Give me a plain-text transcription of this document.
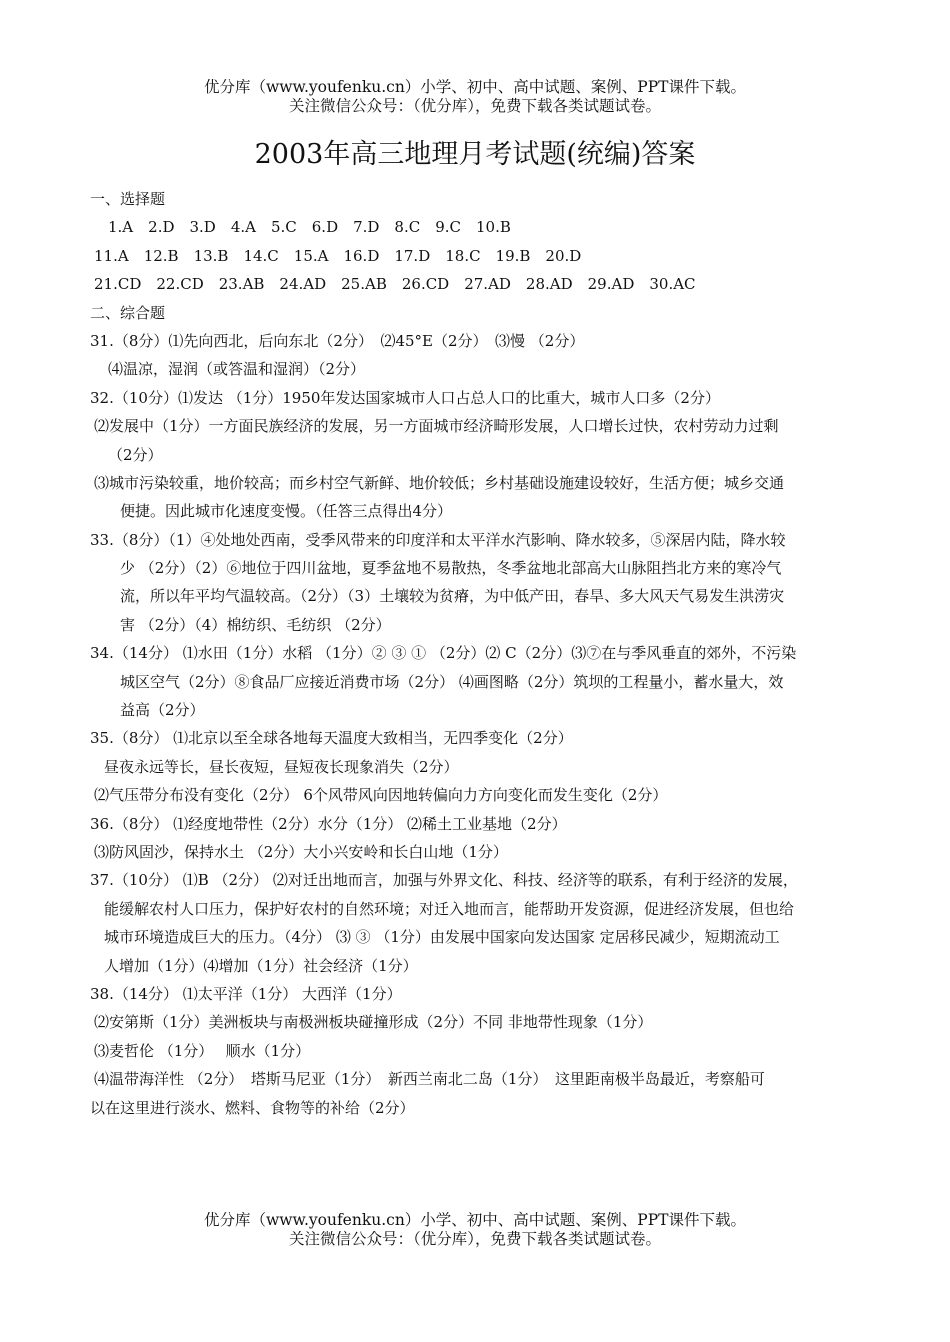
优分库（www.youfenku.cn）小学、初中、高中试题、案例、PPT课件下载。
关注微信公众号：（优分库），免费下载各类试题试卷。
2003年高三地理月考试题(统编)答案
一、选择题
1.A　2.D　3.D　4.A　5.C　6.D　7.D　8.C　9.C　10.B
11.A　12.B　13.B　14.C　15.A　16.D　17.D　18.C　19.B　20.D
21.CD　22.CD　23.AB　24.AD　25.AB　26.CD　27.AD　28.AD　29.AD　30.AC
二、综合题
31.（8分）⑴先向西北，后向东北（2分）　⑵45°E（2分）　⑶慢 （2分）
⑷温凉，湿润（或答温和湿润）（2分）
32.（10分）⑴发达 （1分）1950年发达国家城市人口占总人口的比重大，城市人口多（2分）
⑵发展中（1分）一方面民族经济的发展，另一方面城市经济畸形发展，人口增长过快，农村劳动力过剩
（2分）
⑶城市污染较重，地价较高；而乡村空气新鲜、地价较低；乡村基础设施建设较好，生活方便；城乡交通
便捷。因此城市化速度变慢。（任答三点得出4分）
33.（8分）（1）④处地处西南，受季风带来的印度洋和太平洋水汽影响、降水较多，⑤深居内陆，降水较
少 （2分）（2）⑥地位于四川盆地，夏季盆地不易散热，冬季盆地北部高大山脉阻挡北方来的寒冷气
流，所以年平均气温较高。（2分）（3）土壤较为贫瘠，为中低产田，春旱、多大风天气易发生洪涝灾
害 （2分）（4）棉纺织、毛纺织 （2分）
34.（14分） ⑴水田（1分）水稻 （1分）② ③ ① （2分）⑵ C（2分）⑶⑦在与季风垂直的郊外，不污染
城区空气（2分）⑧食品厂应接近消费市场（2分） ⑷画图略（2分）筑坝的工程量小，蓄水量大，效
益高（2分）
35.（8分） ⑴北京以至全球各地每天温度大致相当，无四季变化（2分）
昼夜永远等长，昼长夜短，昼短夜长现象消失（2分）
⑵气压带分布没有变化（2分） 6个风带风向因地转偏向力方向变化而发生变化（2分）
36.（8分） ⑴经度地带性（2分）水分（1分） ⑵稀土工业基地（2分）
⑶防风固沙，保持水土 （2分）大小兴安岭和长白山地（1分）
37.（10分） ⑴B （2分） ⑵对迁出地而言，加强与外界文化、科技、经济等的联系，有利于经济的发展，
能缓解农村人口压力，保护好农村的自然环境；对迁入地而言，能帮助开发资源，促进经济发展，但也给
城市环境造成巨大的压力。（4分） ⑶ ③ （1分）由发展中国家向发达国家 定居移民减少，短期流动工
人增加（1分）⑷增加（1分）社会经济（1分）
38.（14分） ⑴太平洋（1分） 大西洋（1分）
⑵安第斯（1分）美洲板块与南极洲板块碰撞形成（2分）不同 非地带性现象（1分）
⑶麦哲伦 （1分）　 顺水（1分）
⑷温带海洋性 （2分）　塔斯马尼亚（1分）　新西兰南北二岛（1分）　这里距南极半岛最近，考察船可
以在这里进行淡水、燃料、食物等的补给（2分）
优分库（www.youfenku.cn）小学、初中、高中试题、案例、PPT课件下载。
关注微信公众号：（优分库），免费下载各类试题试卷。
